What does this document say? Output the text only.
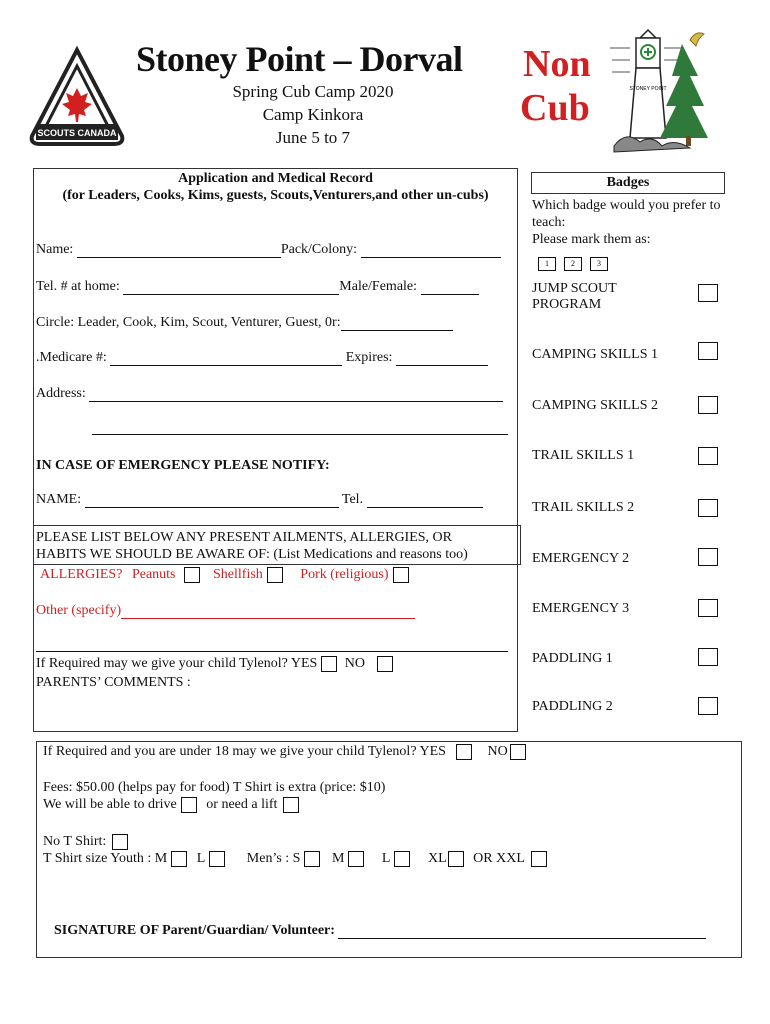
SCOUTS CANADA
Stoney Point – Dorval
Spring Cub Camp 2020
Camp Kinkora
June 5 to 7
Non
Cub	STONEY POINT
Application and Medical Record
(for Leaders, Cooks, Kims, guests, Scouts,Venturers,and other un-cubs)
Name:	Pack/Colony:
Tel. # at home:	Male/Female:
Circle: Leader, Cook, Kim, Scout, Venturer, Guest, 0r:
.Medicare #:	Expires:
Address:
IN CASE OF EMERGENCY PLEASE NOTIFY:
NAME:	Tel.
PLEASE LIST BELOW ANY PRESENT AILMENTS, ALLERGIES, OR
HABITS WE SHOULD BE AWARE OF: (List Medications and reasons too)
ALLERGIES? Peanuts	Shellfish	Pork (religious)
Other (specify)
If Required may we give your child Tylenol? YES NO
PARENTS’ COMMENTS :
Badges
Which badge would you prefer to teach:
Please mark them as:
1	2	3
JUMP SCOUT PROGRAM
CAMPING SKILLS 1
CAMPING SKILLS 2
TRAIL SKILLS 1
TRAIL SKILLS 2
EMERGENCY 2
EMERGENCY 3
PADDLING 1
PADDLING 2
If Required and you are under 18 may we give your child Tylenol? YES	NO
Fees: $50.00 (helps pay for food) T Shirt is extra (price: $10)
We will be able to drive or need a lift
No T Shirt:
T Shirt size Youth : M L	Men’s : S M	L	XL OR XXL
SIGNATURE OF Parent/Guardian/ Volunteer:
